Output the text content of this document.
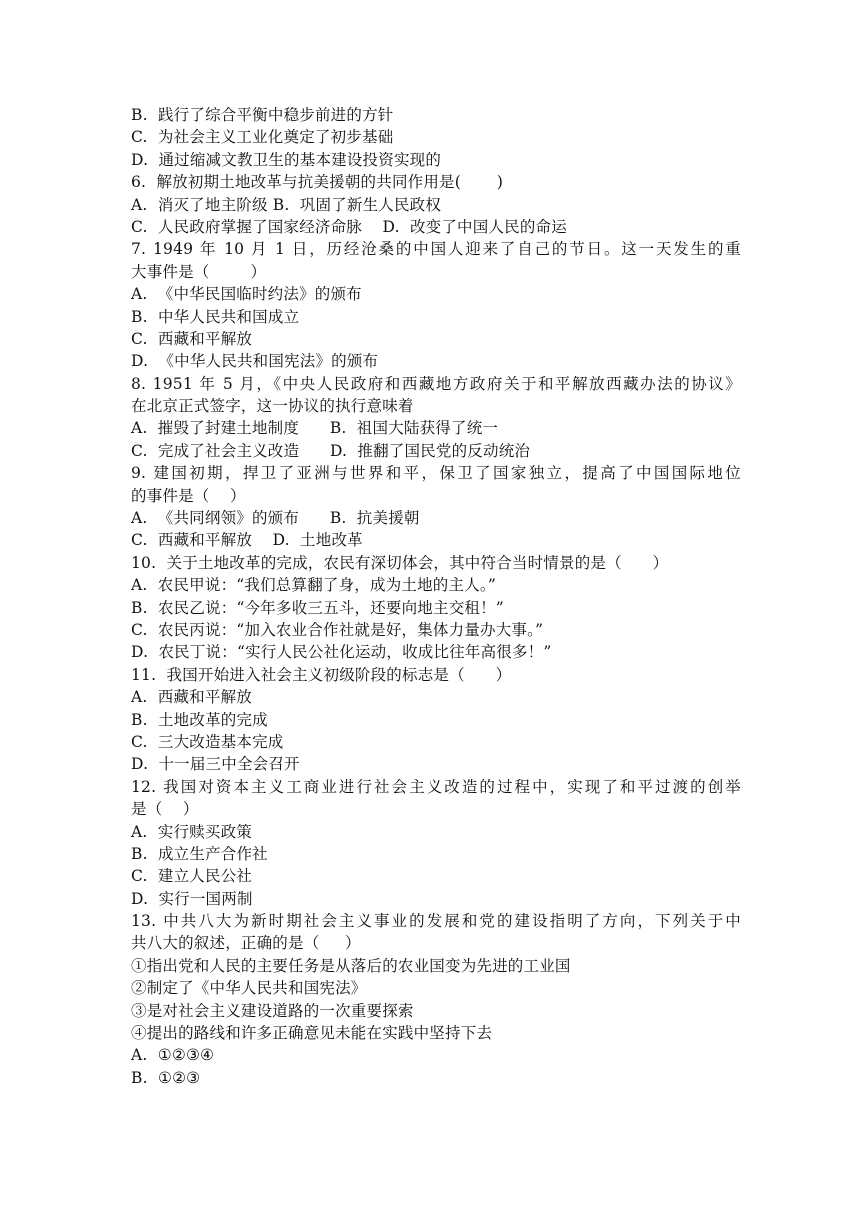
B.  践行了综合平衡中稳步前进的方针
C.  为社会主义工业化奠定了初步基础
D.  通过缩减文教卫生的基本建设投资实现的
6.  解放初期土地改革与抗美援朝的共同作用是(       )
A.  消灭了地主阶级 B.  巩固了新生人民政权
C.  人民政府掌握了国家经济命脉    D.  改变了中国人民的命运
7. 1949 年 10 月 1 日，历经沧桑的中国人迎来了自己的节日。这一天发生的重
大事件是（        ）
A.  《中华民国临时约法》的颁布
B.  中华人民共和国成立
C.  西藏和平解放
D.  《中华人民共和国宪法》的颁布
8. 1951 年 5 月，《中央人民政府和西藏地方政府关于和平解放西藏办法的协议》
在北京正式签字，这一协议的执行意味着
A.  摧毁了封建土地制度      B.  祖国大陆获得了统一
C.  完成了社会主义改造      D.  推翻了国民党的反动统治
9. 建国初期，捍卫了亚洲与世界和平，保卫了国家独立，提高了中国国际地位
的事件是（    ）
A.  《共同纲领》的颁布      B.  抗美援朝
C.  西藏和平解放    D.  土地改革
10.  关于土地改革的完成，农民有深切体会，其中符合当时情景的是（      ）
A.  农民甲说：“我们总算翻了身，成为土地的主人。”
B.  农民乙说：“今年多收三五斗，还要向地主交租！”
C.  农民丙说：“加入农业合作社就是好，集体力量办大事。”
D.  农民丁说：“实行人民公社化运动，收成比往年高很多！”
11.  我国开始进入社会主义初级阶段的标志是（      ）
A.  西藏和平解放
B.  土地改革的完成
C.  三大改造基本完成
D.  十一届三中全会召开
12. 我国对资本主义工商业进行社会主义改造的过程中，实现了和平过渡的创举
是（    ）
A.  实行赎买政策
B.  成立生产合作社
C.  建立人民公社
D.  实行一国两制
13. 中共八大为新时期社会主义事业的发展和党的建设指明了方向，下列关于中
共八大的叙述，正确的是（     ）
①指出党和人民的主要任务是从落后的农业国变为先进的工业国
②制定了《中华人民共和国宪法》
③是对社会主义建设道路的一次重要探索
④提出的路线和许多正确意见未能在实践中坚持下去
A.  ①②③④
B.  ①②③
